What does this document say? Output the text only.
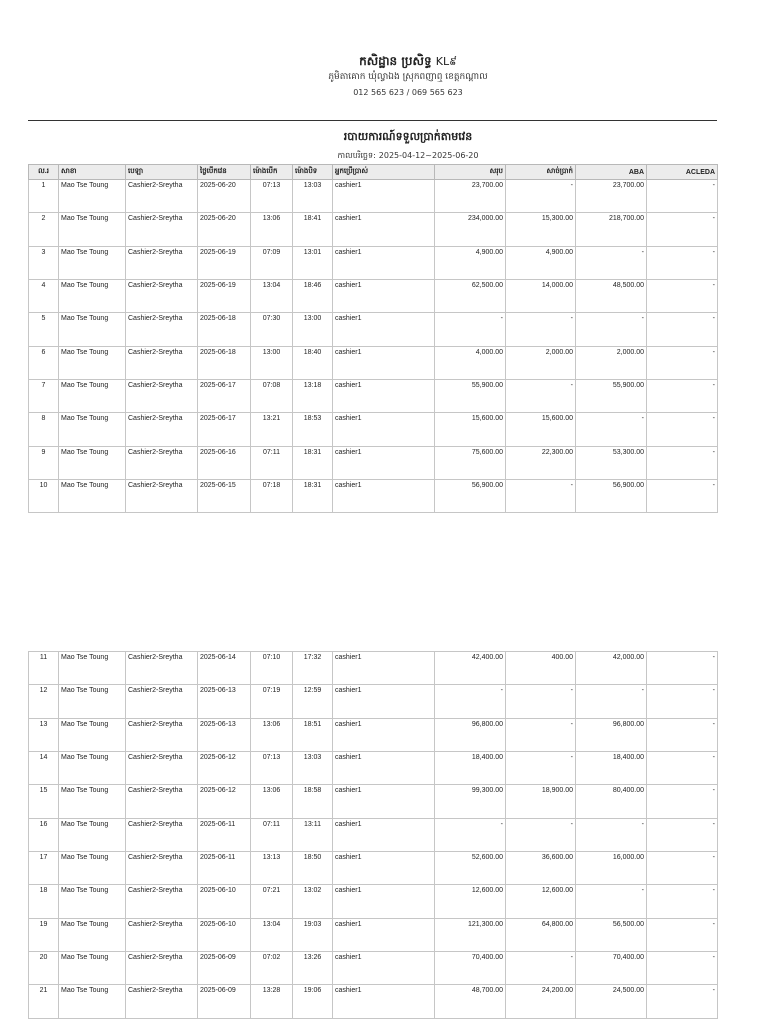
កសិដ្ឋាន ប្រសិទ្ធ KL៩
ភូមិតាគោក ឃុំល្វាឯង ស្រុកពញាឮ ខេត្តកណ្ដាល
012 565 623 / 069 565 623
របាយការណ៍ទទួលប្រាក់តាមវេន
កាលបរិច្ឆេទ: 2025-04-12~2025-06-20
ល.រ	សាខា	បេឡា	ថ្ងៃបើកវេន	ម៉ោងបើក	ម៉ោងបិទ	អ្នកប្រើប្រាស់	សរុប	សាច់ប្រាក់	ABA	ACLEDA
1	Mao Tse Toung	Cashier2-Sreytha	2025-06-20	07:13	13:03	cashier1	23,700.00	-	23,700.00	-
2	Mao Tse Toung	Cashier2-Sreytha	2025-06-20	13:06	18:41	cashier1	234,000.00	15,300.00	218,700.00	-
3	Mao Tse Toung	Cashier2-Sreytha	2025-06-19	07:09	13:01	cashier1	4,900.00	4,900.00	-	-
4	Mao Tse Toung	Cashier2-Sreytha	2025-06-19	13:04	18:46	cashier1	62,500.00	14,000.00	48,500.00	-
5	Mao Tse Toung	Cashier2-Sreytha	2025-06-18	07:30	13:00	cashier1	-	-	-	-
6	Mao Tse Toung	Cashier2-Sreytha	2025-06-18	13:00	18:40	cashier1	4,000.00	2,000.00	2,000.00	-
7	Mao Tse Toung	Cashier2-Sreytha	2025-06-17	07:08	13:18	cashier1	55,900.00	-	55,900.00	-
8	Mao Tse Toung	Cashier2-Sreytha	2025-06-17	13:21	18:53	cashier1	15,600.00	15,600.00	-	-
9	Mao Tse Toung	Cashier2-Sreytha	2025-06-16	07:11	18:31	cashier1	75,600.00	22,300.00	53,300.00	-
10	Mao Tse Toung	Cashier2-Sreytha	2025-06-15	07:18	18:31	cashier1	56,900.00	-	56,900.00	-
11	Mao Tse Toung	Cashier2-Sreytha	2025-06-14	07:10	17:32	cashier1	42,400.00	400.00	42,000.00	-
12	Mao Tse Toung	Cashier2-Sreytha	2025-06-13	07:19	12:59	cashier1	-	-	-	-
13	Mao Tse Toung	Cashier2-Sreytha	2025-06-13	13:06	18:51	cashier1	96,800.00	-	96,800.00	-
14	Mao Tse Toung	Cashier2-Sreytha	2025-06-12	07:13	13:03	cashier1	18,400.00	-	18,400.00	-
15	Mao Tse Toung	Cashier2-Sreytha	2025-06-12	13:06	18:58	cashier1	99,300.00	18,900.00	80,400.00	-
16	Mao Tse Toung	Cashier2-Sreytha	2025-06-11	07:11	13:11	cashier1	-	-	-	-
17	Mao Tse Toung	Cashier2-Sreytha	2025-06-11	13:13	18:50	cashier1	52,600.00	36,600.00	16,000.00	-
18	Mao Tse Toung	Cashier2-Sreytha	2025-06-10	07:21	13:02	cashier1	12,600.00	12,600.00	-	-
19	Mao Tse Toung	Cashier2-Sreytha	2025-06-10	13:04	19:03	cashier1	121,300.00	64,800.00	56,500.00	-
20	Mao Tse Toung	Cashier2-Sreytha	2025-06-09	07:02	13:26	cashier1	70,400.00	-	70,400.00	-
21	Mao Tse Toung	Cashier2-Sreytha	2025-06-09	13:28	19:06	cashier1	48,700.00	24,200.00	24,500.00	-
